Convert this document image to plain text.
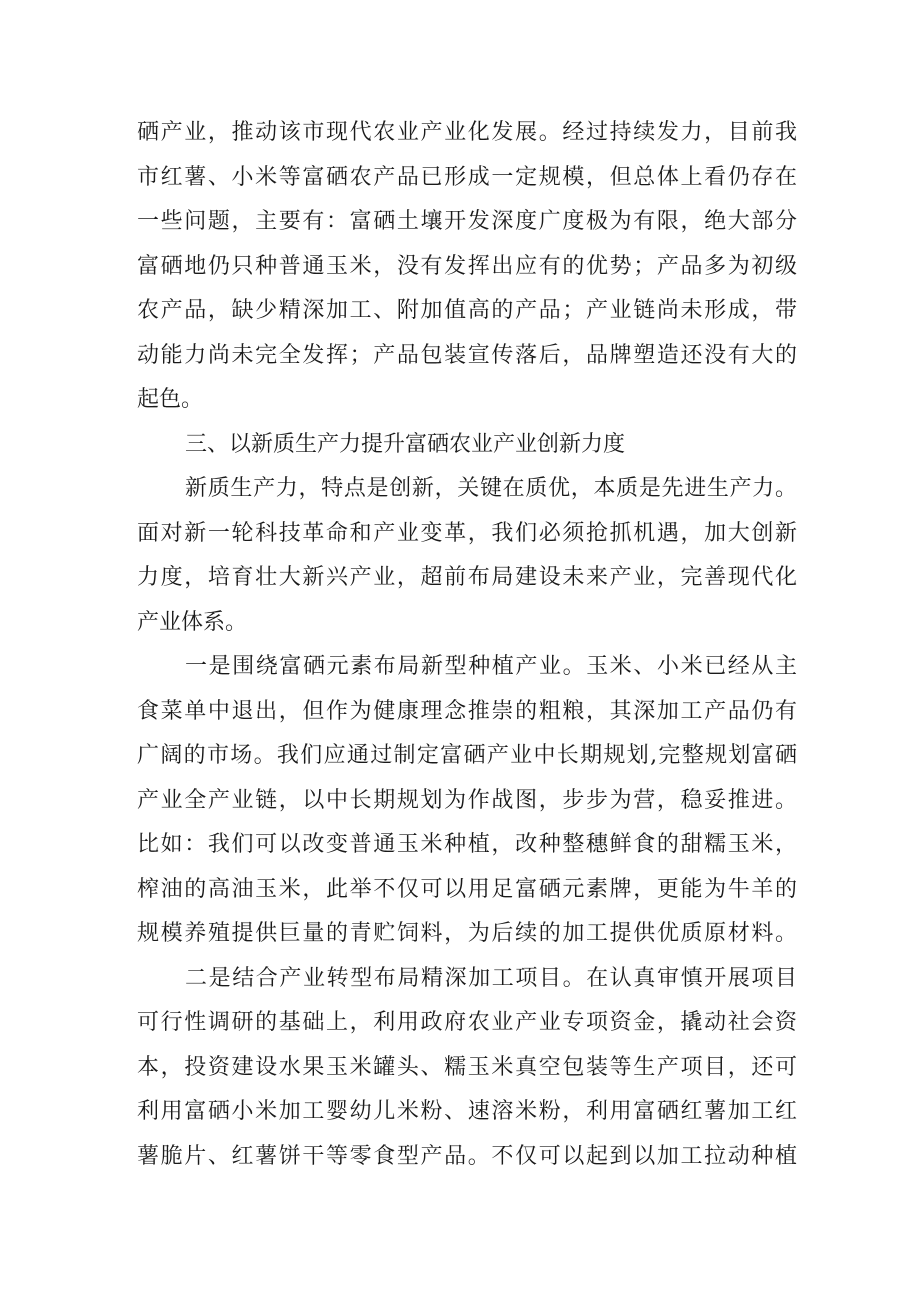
硒产业，推动该市现代农业产业化发展。经过持续发力，目前我
市红薯、小米等富硒农产品已形成一定规模，但总体上看仍存在
一些问题，主要有：富硒土壤开发深度广度极为有限，绝大部分
富硒地仍只种普通玉米，没有发挥出应有的优势；产品多为初级
农产品，缺少精深加工、附加值高的产品；产业链尚未形成，带
动能力尚未完全发挥；产品包装宣传落后，品牌塑造还没有大的
起色。
三、以新质生产力提升富硒农业产业创新力度
新质生产力，特点是创新，关键在质优，本质是先进生产力。
面对新一轮科技革命和产业变革，我们必须抢抓机遇，加大创新
力度，培育壮大新兴产业，超前布局建设未来产业，完善现代化
产业体系。
一是围绕富硒元素布局新型种植产业。玉米、小米已经从主
食菜单中退出，但作为健康理念推崇的粗粮，其深加工产品仍有
广阔的市场。我们应通过制定富硒产业中长期规划,完整规划富硒
产业全产业链，以中长期规划为作战图，步步为营，稳妥推进。
比如：我们可以改变普通玉米种植，改种整穗鲜食的甜糯玉米，
榨油的高油玉米，此举不仅可以用足富硒元素牌，更能为牛羊的
规模养殖提供巨量的青贮饲料，为后续的加工提供优质原材料。
二是结合产业转型布局精深加工项目。在认真审慎开展项目
可行性调研的基础上，利用政府农业产业专项资金，撬动社会资
本，投资建设水果玉米罐头、糯玉米真空包装等生产项目，还可
利用富硒小米加工婴幼儿米粉、速溶米粉，利用富硒红薯加工红
薯脆片、红薯饼干等零食型产品。不仅可以起到以加工拉动种植
